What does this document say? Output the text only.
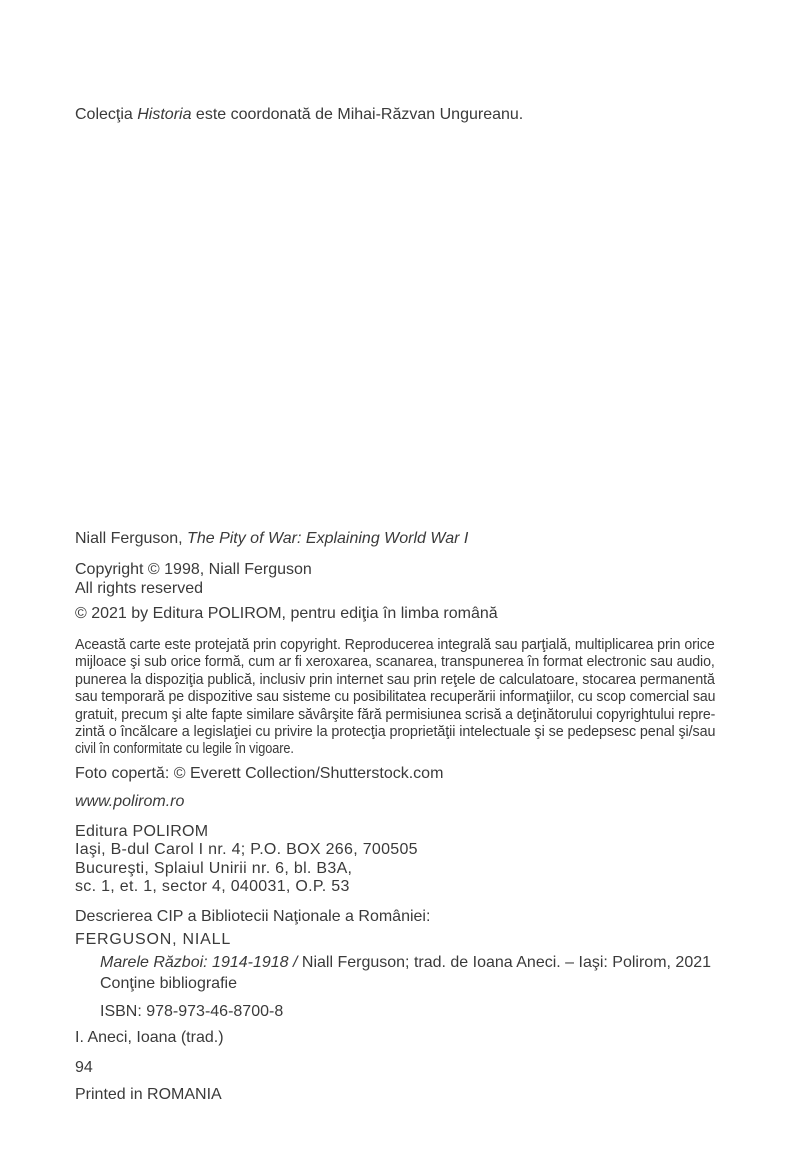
Colecţia Historia este coordonată de Mihai-Răzvan Ungureanu.
Niall Ferguson, The Pity of War: Explaining World War I
Copyright © 1998, Niall Ferguson
All rights reserved
© 2021 by Editura POLIROM, pentru ediţia în limba română
Această carte este protejată prin copyright. Reproducerea integrală sau parţială, multiplicarea prin orice
mijloace şi sub orice formă, cum ar fi xeroxarea, scanarea, transpunerea în format electronic sau audio,
punerea la dispoziţia publică, inclusiv prin internet sau prin reţele de calculatoare, stocarea permanentă
sau temporară pe dispozitive sau sisteme cu posibilitatea recuperării informaţiilor, cu scop comercial sau
gratuit, precum şi alte fapte similare săvârşite fără permisiunea scrisă a deţinătorului copyrightului repre-
zintă o încălcare a legislaţiei cu privire la protecţia proprietăţii intelectuale şi se pedepsesc penal şi/sau
civil în conformitate cu legile în vigoare.
Foto copertă: © Everett Collection/Shutterstock.com
www.polirom.ro
Editura POLIROM
Iaşi, B-dul Carol I nr. 4; P.O. BOX 266, 700505
Bucureşti, Splaiul Unirii nr. 6, bl. B3A,
sc. 1, et. 1, sector 4, 040031, O.P. 53
Descrierea CIP a Bibliotecii Naţionale a României:
FERGUSON, NIALL
Marele Război: 1914-1918 / Niall Ferguson; trad. de Ioana Aneci. – Iaşi: Polirom, 2021
Conţine bibliografie
ISBN: 978-973-46-8700-8
I. Aneci, Ioana (trad.)
94
Printed in ROMANIA
